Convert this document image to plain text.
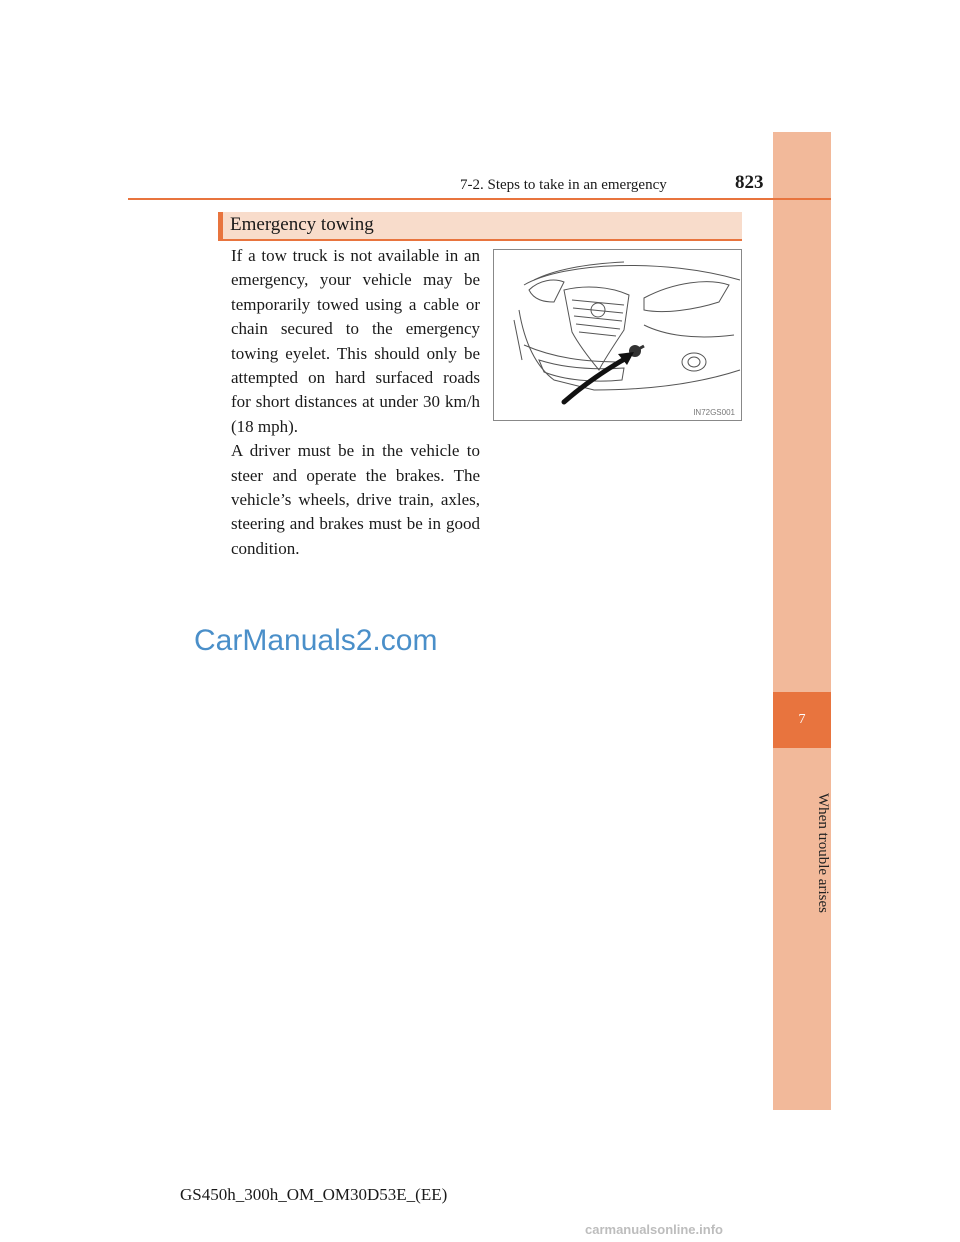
7
When trouble arises
7-2. Steps to take in an emergency	823
Emergency towing

If a tow truck is not available in an emergency, your vehicle may be temporarily towed using a cable or chain secured to the emergency towing eyelet. This should only be attempted on hard surfaced roads for short distances at under 30 km/h (18 mph).

A driver must be in the vehicle to steer and operate the brakes. The vehicle’s wheels, drive train, axles, steering and brakes must be in good condition.

IN72GS001
CarManuals2.com
GS450h_300h_OM_OM30D53E_(EE)
carmanualsonline.info
